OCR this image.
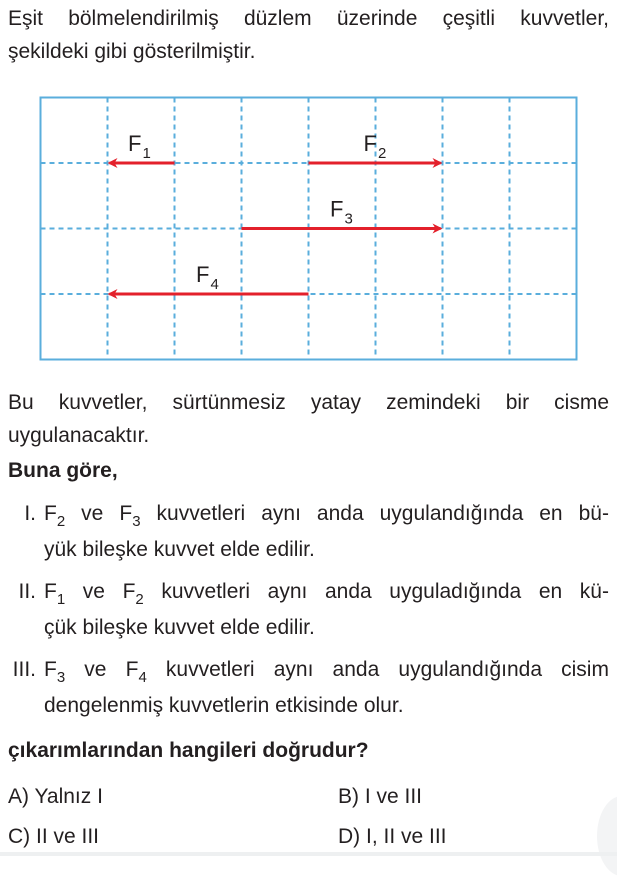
Eşit bölmelendirilmiş düzlem üzerinde çeşitli kuvvetler,
şekildeki gibi gösterilmiştir.
$F_1$	$F_2$
$F_3$
$F_4$
Bu kuvvetler, sürtünmesiz yatay zemindeki bir cisme
uygulanacaktır.
Buna göre,
I. $F_2$ ve $F_3$ kuvvetleri aynı anda uygulandığında en bü-
yük bileşke kuvvet elde edilir.
II. $F_1$ ve $F_2$ kuvvetleri aynı anda uyguladığında en kü-
çük bileşke kuvvet elde edilir.
III. $F_3$ ve $F_4$ kuvvetleri aynı anda uygulandığında cisim
dengelenmiş kuvvetlerin etkisinde olur.
çıkarımlarından hangileri doğrudur?
A) Yalnız I	B) I ve III
C) II ve III	D) I, II ve III
